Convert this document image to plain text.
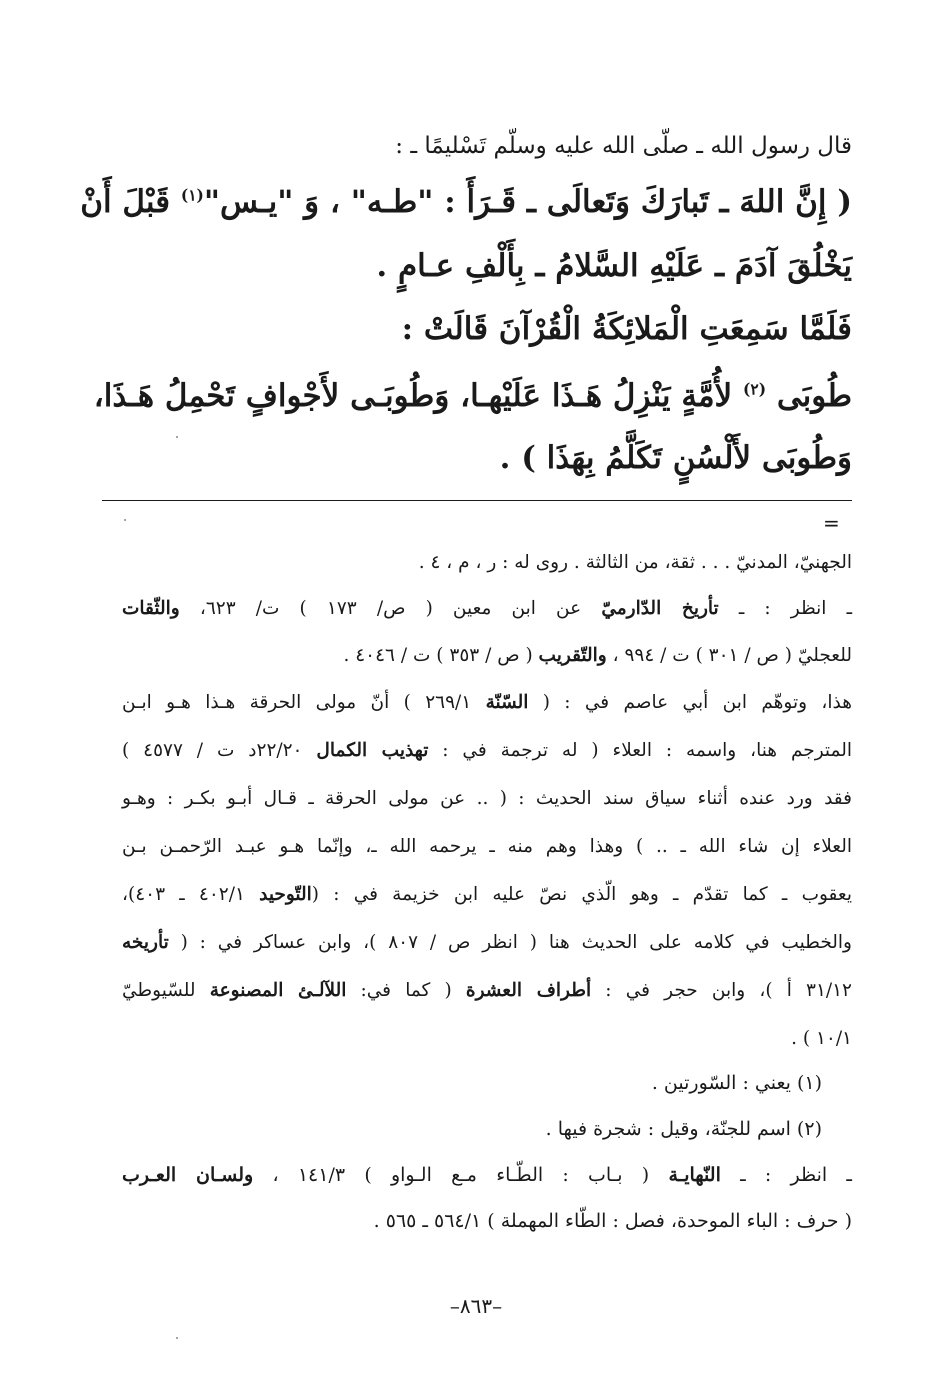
قال رسول الله ـ صلّى الله عليه وسلّم تَسْليمًا ـ :
( إِنَّ اللهَ ـ تَبارَكَ وَتَعالَى ـ قَـرَأَ : "طـه" ، وَ "يـس"$^{(١)}$ قَبْلَ أَنْ
يَخْلُقَ آدَمَ ـ عَلَيْهِ السَّلامُ ـ بِأَلْفِ عـامٍ .
فَلَمَّا سَمِعَتِ الْمَلائِكَةُ الْقُرْآنَ قَالَتْ :
طُوبَى $^{(٢)}$ لأُمَّةٍ يَنْزِلُ هَـذَا عَلَيْهـا، وَطُوبَـى لأَجْوافٍ تَحْمِلُ هَـذَا،
وَطُوبَى لأَلْسُنٍ تَكَلَّمُ بِهَذَا ) .
=
الجهنيّ، المدنيّ . . . ثقة، من الثالثة . روى له : ر ، م ، ٤ .
ـ انظر : ـ تأريخ الدّارميّ عن ابن معين ( ص/ ١٧٣ ) ت/ ٦٢٣، والثّقات
للعجليّ ( ص / ٣٠١ ) ت / ٩٩٤ ، والتّقريب ( ص / ٣٥٣ ) ت / ٤٠٤٦ .
هذا، وتوهّم ابن أبي عاصم في : ( السّنّة ٢٦٩/١ ) أنّ مولى الحرقة هـذا هـو ابـن
المترجم هنا، واسمه : العلاء ( له ترجمة في : تهذيب الكمال ٢٢/٢٠د ت / ٤٥٧٧ )
فقد ورد عنده أثناء سياق سند الحديث : ( .. عن مولى الحرقة ـ قـال أبـو بكـر : وهـو
العلاء إن شاء الله ـ .. ) وهذا وهم منه ـ يرحمه الله ـ، وإنّما هـو عبـد الرّحمـن بـن
يعقوب ـ كما تقدّم ـ وهو الّذي نصّ عليه ابن خزيمة في : (التّوحيد ٤٠٢/١ ـ ٤٠٣)،
والخطيب في كلامه على الحديث هنا ( انظر ص / ٨٠٧ )، وابن عساكر في : ( تأريخه
٣١/١٢ أ )، وابن حجر في : أطراف العشرة ( كما في: اللآلـئ المصنوعة للسّيوطيّ
١٠/١ ) .
(١) يعني : السّورتين .
(٢) اسم للجنّة، وقيل : شجرة فيها .
ـ انظر : ـ النّهايـة ( بـاب : الطّـاء مـع الـواو ) ١٤١/٣ ، ولسـان العـرب
( حرف : الباء الموحدة، فصل : الطّاء المهملة ) ٥٦٤/١ ـ ٥٦٥ .
–٨٦٣–
